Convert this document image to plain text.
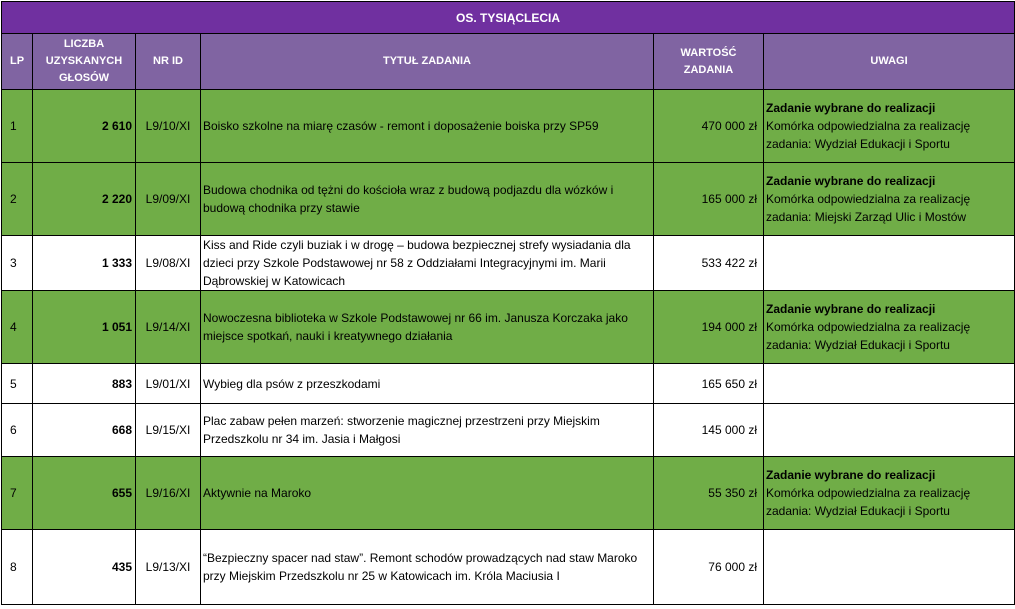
OS. TYSIĄCLECIA					
LP	LICZBA UZYSKANYCH GŁOSÓW	NR ID	TYTUŁ ZADANIA	WARTOŚĆ ZADANIA	UWAGI
1	2 610	L9/10/XI	Boisko szkolne na miarę czasów - remont i doposażenie boiska przy SP59	470 000 zł	Zadanie wybrane do realizacji
Komórka odpowiedzialna za realizację zadania: Wydział Edukacji i Sportu

2	2 220	L9/09/XI	Budowa chodnika od tężni do kościoła wraz z budową podjazdu dla wózków i budową chodnika przy stawie	165 000 zł	Zadanie wybrane do realizacji
Komórka odpowiedzialna za realizację zadania: Miejski Zarząd Ulic i Mostów

3	1 333	L9/08/XI	Kiss and Ride czyli buziak i w drogę – budowa bezpiecznej strefy wysiadania dla dzieci przy Szkole Podstawowej nr 58 z Oddziałami Integracyjnymi im. Marii Dąbrowskiej w Katowicach	533 422 zł	

4	1 051	L9/14/XI	Nowoczesna biblioteka w Szkole Podstawowej nr 66 im. Janusza Korczaka jako miejsce spotkań, nauki i kreatywnego działania	194 000 zł	Zadanie wybrane do realizacji
Komórka odpowiedzialna za realizację zadania: Wydział Edukacji i Sportu

5	883	L9/01/XI	Wybieg dla psów z przeszkodami	165 650 zł	

6	668	L9/15/XI	Plac zabaw pełen marzeń: stworzenie magicznej przestrzeni przy Miejskim Przedszkolu nr 34 im. Jasia i Małgosi	145 000 zł	

7	655	L9/16/XI	Aktywnie na Maroko	55 350 zł	Zadanie wybrane do realizacji
Komórka odpowiedzialna za realizację zadania: Wydział Edukacji i Sportu

8	435	L9/13/XI	“Bezpieczny spacer nad staw”. Remont schodów prowadzących nad staw Maroko przy Miejskim Przedszkolu nr 25 w Katowicach im. Króla Maciusia I	76 000 zł	
